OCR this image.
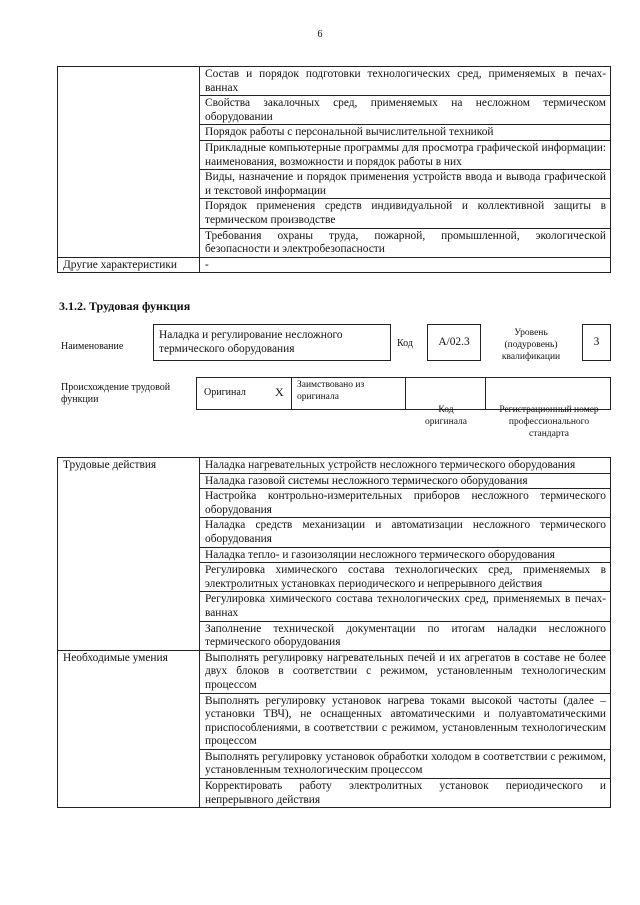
6
	Состав и порядок подготовки технологических сред, применяемых в печах-ваннах
	Свойства закалочных сред, применяемых на несложном термическом оборудовании
	Порядок работы с персональной вычислительной техникой
	Прикладные компьютерные программы для просмотра графической информации: наименования, возможности и порядок работы в них
	Виды, назначение и порядок применения устройств ввода и вывода графической и текстовой информации
	Порядок применения средств индивидуальной и коллективной защиты в термическом производстве
	Требования охраны труда, пожарной, промышленной, экологической безопасности и электробезопасности
Другие характеристики	-
3.1.2. Трудовая функция
Наименование
Наладка и регулирование несложного термического оборудования	Код	A/02.3
Уровень (подуровень) квалификации
3
Происхождение трудовой функции
Оригинал X	Заимствовано из оригинала
Код оригинала
Регистрационный номер профессионального стандарта
Трудовые действия	Наладка нагревательных устройств несложного термического оборудования
	Наладка газовой системы несложного термического оборудования
	Настройка контрольно-измерительных приборов несложного термического оборудования
	Наладка средств механизации и автоматизации несложного термического оборудования
	Наладка тепло- и газоизоляции несложного термического оборудования
	Регулировка химического состава технологических сред, применяемых в электролитных установках периодического и непрерывного действия
	Регулировка химического состава технологических сред, применяемых в печах-ваннах
	Заполнение технической документации по итогам наладки несложного термического оборудования
Необходимые умения	Выполнять регулировку нагревательных печей и их агрегатов в составе не более двух блоков в соответствии с режимом, установленным технологическим процессом
	Выполнять регулировку установок нагрева токами высокой частоты (далее – установки ТВЧ), не оснащенных автоматическими и полуавтоматическими приспособлениями, в соответствии с режимом, установленным технологическим процессом
	Выполнять регулировку установок обработки холодом в соответствии с режимом, установленным технологическим процессом
	Корректировать работу электролитных установок периодического и непрерывного действия
